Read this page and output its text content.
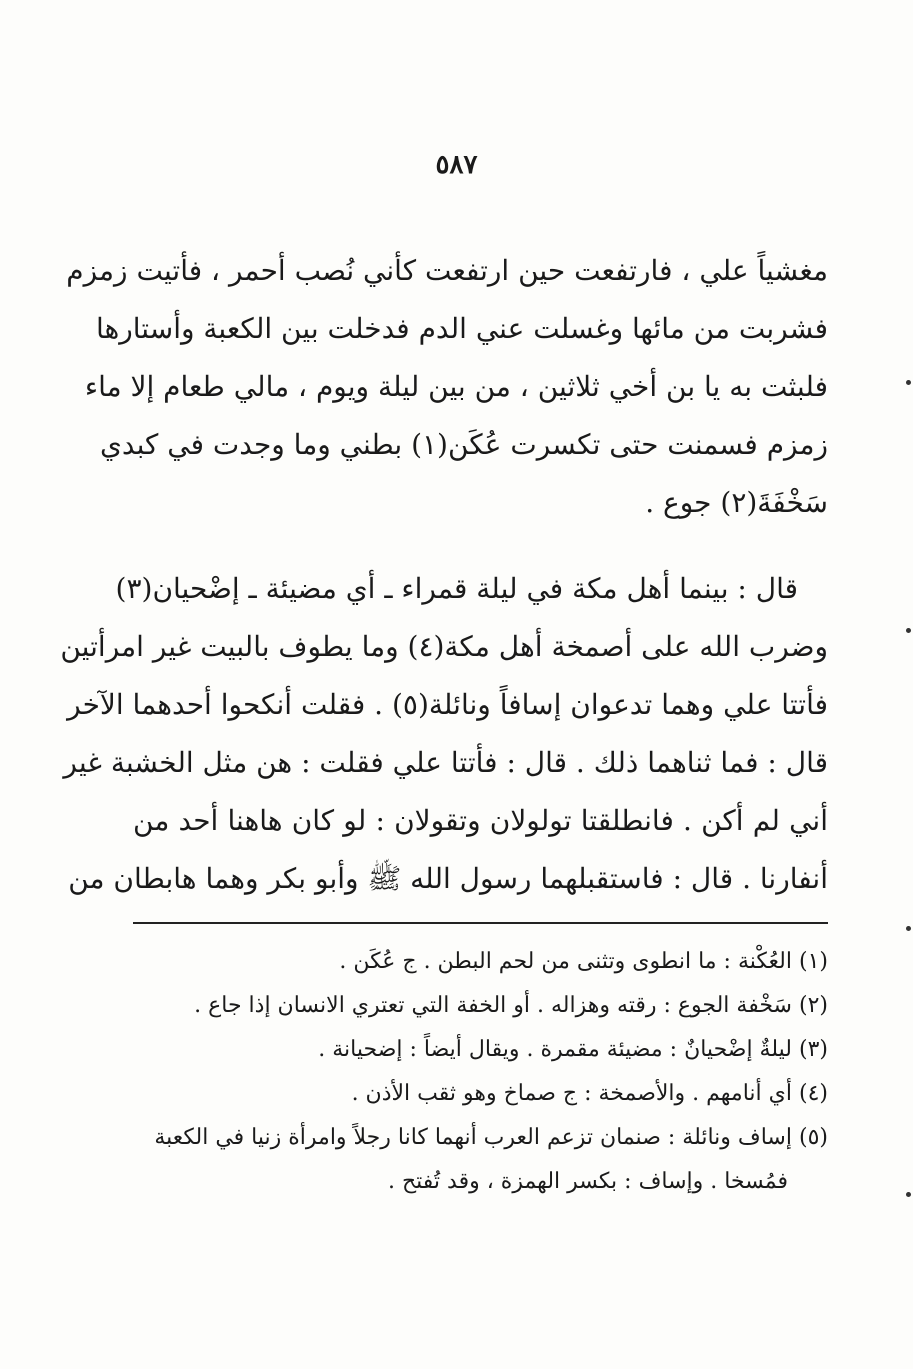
٥٨٧
مغشياً علي ، فارتفعت حين ارتفعت كأني نُصب أحمر ، فأتيت زمزم
فشربت من مائها وغسلت عني الدم فدخلت بين الكعبة وأستارها
فلبثت به يا بن أخي ثلاثين ، من بين ليلة ويوم ، مالي طعام إلا ماء
زمزم فسمنت حتى تكسرت عُكَن(١) بطني وما وجدت في كبدي
سَخْفَةَ(٢) جوع .
قال : بينما أهل مكة في ليلة قمراء ـ أي مضيئة ـ إضْحيان(٣)
وضرب الله على أصمخة أهل مكة(٤) وما يطوف بالبيت غير امرأتين
فأتتا علي وهما تدعوان إسافاً ونائلة(٥) . فقلت أنكحوا أحدهما الآخر
قال : فما ثناهما ذلك . قال : فأتتا علي فقلت : هن مثل الخشبة غير
أني لم أكن . فانطلقتا تولولان وتقولان : لو كان هاهنا أحد من
أنفارنا . قال : فاستقبلهما رسول الله ﷺ وأبو بكر وهما هابطان من
(١) العُكْنة : ما انطوى وتثنى من لحم البطن . ج عُكَن .
(٢) سَخْفة الجوع : رقته وهزاله . أو الخفة التي تعتري الانسان إذا جاع .
(٣) ليلةٌ إضْحيانٌ : مضيئة مقمرة . ويقال أيضاً : إضحيانة .
(٤) أي أنامهم . والأصمخة : ج صماخ وهو ثقب الأذن .
(٥) إساف ونائلة : صنمان تزعم العرب أنهما كانا رجلاً وامرأة زنيا في الكعبة
فمُسخا . وإساف : بكسر الهمزة ، وقد تُفتح .
